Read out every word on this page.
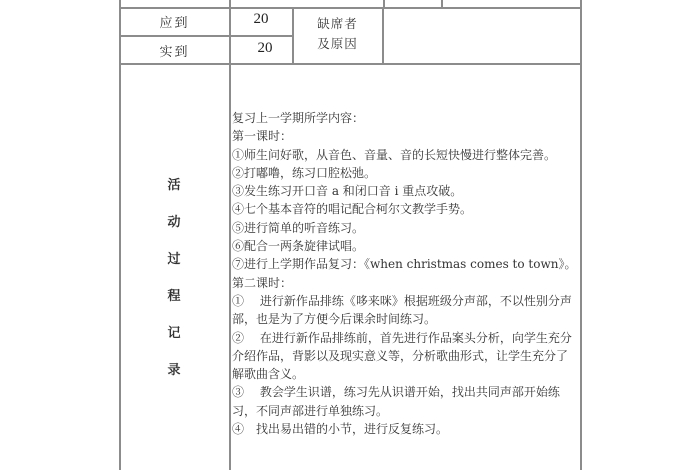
应到	20
实到	20
缺席者
及原因
活
动
过
程
记
录
复习上一学期所学内容：
第一课时：
①师生问好歌，从音色、音量、音的长短快慢进行整体完善。
②打嘟噜，练习口腔松弛。
③发生练习开口音 a 和闭口音 i 重点攻破。
④七个基本音符的唱记配合柯尔文教学手势。
⑤进行简单的听音练习。
⑥配合一两条旋律试唱。
⑦进行上学期作品复习：《when christmas comes to town》。
第二课时：
①　 进行新作品排练《哆来咪》根据班级分声部，不以性别分声部，也是为了方便今后课余时间练习。
②　 在进行新作品排练前，首先进行作品案头分析，向学生充分介绍作品，背影以及现实意义等，分析歌曲形式，让学生充分了解歌曲含义。
③　 教会学生识谱，练习先从识谱开始，找出共同声部开始练习，不同声部进行单独练习。
④　找出易出错的小节，进行反复练习。
